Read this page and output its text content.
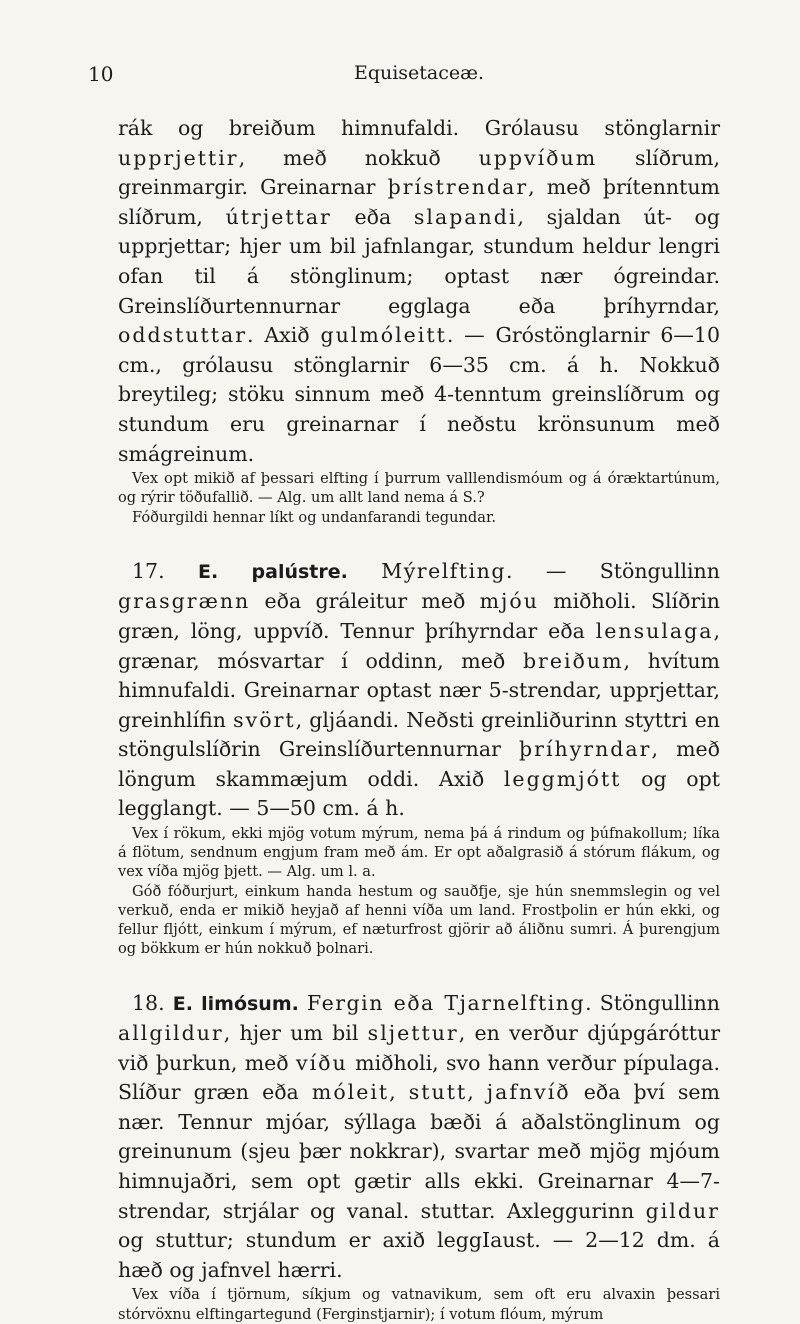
10	Equisetaceæ.

rák og breiðum himnufaldi. Grólausu stönglarnir upprjettir, með nokkuð uppvíðum slíðrum, greinmargir. Greinarnar þrístrendar, með þrítenntum slíðrum, útrjettar eða slapandi, sjaldan út- og upprjettar; hjer um bil jafnlangar, stundum heldur lengri ofan til á stönglinum; optast nær ógreindar. Greinslíðurtennurnar egglaga eða þríhyrndar, oddstuttar. Axið gulmóleitt. — Gróstönglarnir 6—10 cm., grólausu stönglarnir 6—35 cm. á h. Nokkuð breytileg; stöku sinnum með 4-tenntum greinslíðrum og stundum eru greinarnar í neðstu krönsunum með smágreinum.

Vex opt mikið af þessari elfting í þurrum valllendismóum og á óræktartúnum, og rýrir töðufallið. — Alg. um allt land nema á S.?

Fóðurgildi hennar líkt og undanfarandi tegundar.

17. E. palústre. Mýrelfting. — Stöngullinn grasgrænn eða gráleitur með mjóu miðholi. Slíðrin græn, löng, uppvíð. Tennur þríhyrndar eða lensulaga, grænar, mósvartar í oddinn, með breiðum, hvítum himnufaldi. Greinarnar optast nær 5-strendar, upprjettar, greinhlífin svört, gljáandi. Neðsti greinliðurinn styttri en stöngulslíðrin Greinslíðurtennurnar þríhyrndar, með löngum skammæjum oddi. Axið leggmjótt og opt legglangt. — 5—50 cm. á h.

Vex í rökum, ekki mjög votum mýrum, nema þá á rindum og þúfnakollum; líka á flötum, sendnum engjum fram með ám. Er opt aðalgrasið á stórum flákum, og vex víða mjög þjett. — Alg. um l. a.

Góð fóðurjurt, einkum handa hestum og sauðfje, sje hún snemmslegin og vel verkuð, enda er mikið heyjað af henni víða um land. Frostþolin er hún ekki, og fellur fljótt, einkum í mýrum, ef næturfrost gjörir að áliðnu sumri. Á þurengjum og bökkum er hún nokkuð þolnari.

18. E. limósum. Fergin eða Tjarnelfting. Stöngullinn allgildur, hjer um bil sljettur, en verður djúpgáróttur við þurkun, með víðu miðholi, svo hann verður pípulaga. Slíður græn eða móleit, stutt, jafnvíð eða því sem nær. Tennur mjóar, sýllaga bæði á aðalstönglinum og greinunum (sjeu þær nokkrar), svartar með mjög mjóum himnujaðri, sem opt gætir alls ekki. Greinarnar 4—7-strendar, strjálar og vanal. stuttar. Axleggurinn gildur og stuttur; stundum er axið leggIaust. — 2—12 dm. á hæð og jafnvel hærri.

Vex víða í tjörnum, síkjum og vatnavikum, sem oft eru alvaxin þessari stórvöxnu elftingartegund (Ferginstjarnir); í votum flóum, mýrum
